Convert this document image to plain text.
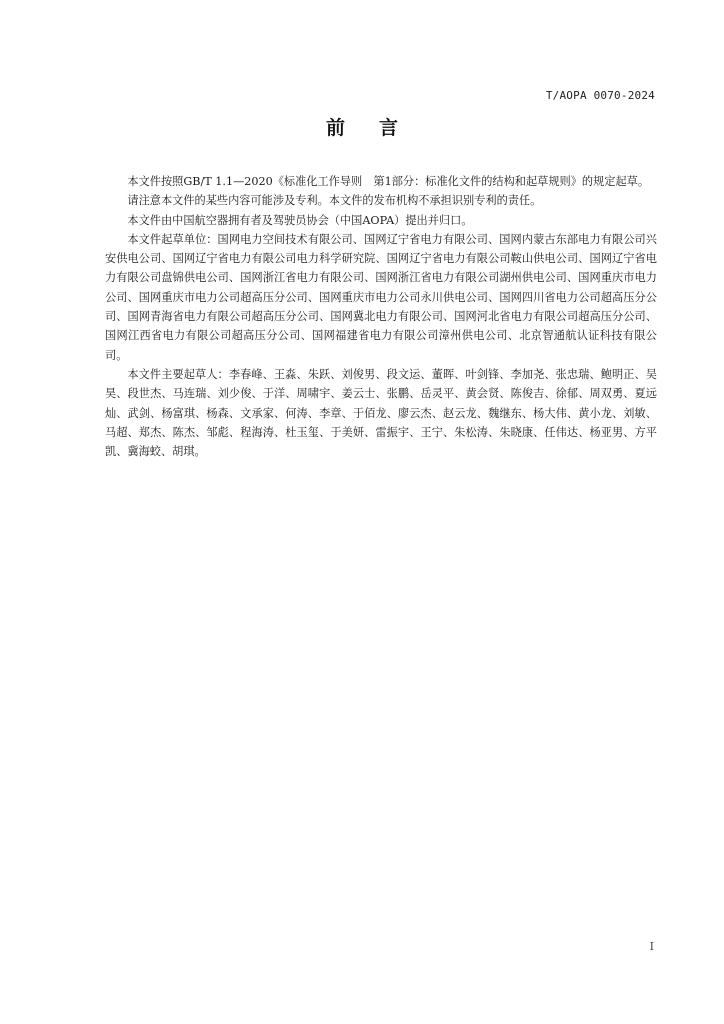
T/AOPA 0070-2024
前言

本文件按照GB/T 1.1—2020《标准化工作导则　第1部分：标准化文件的结构和起草规则》的规定起草。

请注意本文件的某些内容可能涉及专利。本文件的发布机构不承担识别专利的责任。

本文件由中国航空器拥有者及驾驶员协会（中国AOPA）提出并归口。

本文件起草单位：国网电力空间技术有限公司、国网辽宁省电力有限公司、国网内蒙古东部电力有限公司兴安供电公司、国网辽宁省电力有限公司电力科学研究院、国网辽宁省电力有限公司鞍山供电公司、国网辽宁省电力有限公司盘锦供电公司、国网浙江省电力有限公司、国网浙江省电力有限公司湖州供电公司、国网重庆市电力公司、国网重庆市电力公司超高压分公司、国网重庆市电力公司永川供电公司、国网四川省电力公司超高压分公司、国网青海省电力有限公司超高压分公司、国网冀北电力有限公司、国网河北省电力有限公司超高压分公司、国网江西省电力有限公司超高压分公司、国网福建省电力有限公司漳州供电公司、北京智通航认证科技有限公司。

本文件主要起草人：李春峰、王淼、朱跃、刘俊男、段文运、董晖、叶剑锋、李加尧、张忠瑞、鲍明正、吴昊、段世杰、马连瑞、刘少俊、于洋、周啸宇、姜云士、张鹏、岳灵平、黄会贤、陈俊吉、徐郁、周双勇、夏远灿、武剑、杨富琪、杨森、文承家、何涛、李章、于佰龙、廖云杰、赵云龙、魏继东、杨大伟、黄小龙、刘敏、马超、郑杰、陈杰、邹彪、程海涛、杜玉玺、于美妍、雷振宇、王宁、朱松涛、朱晓康、任伟达、杨亚男、方平凯、冀海蛟、胡琪。

I
